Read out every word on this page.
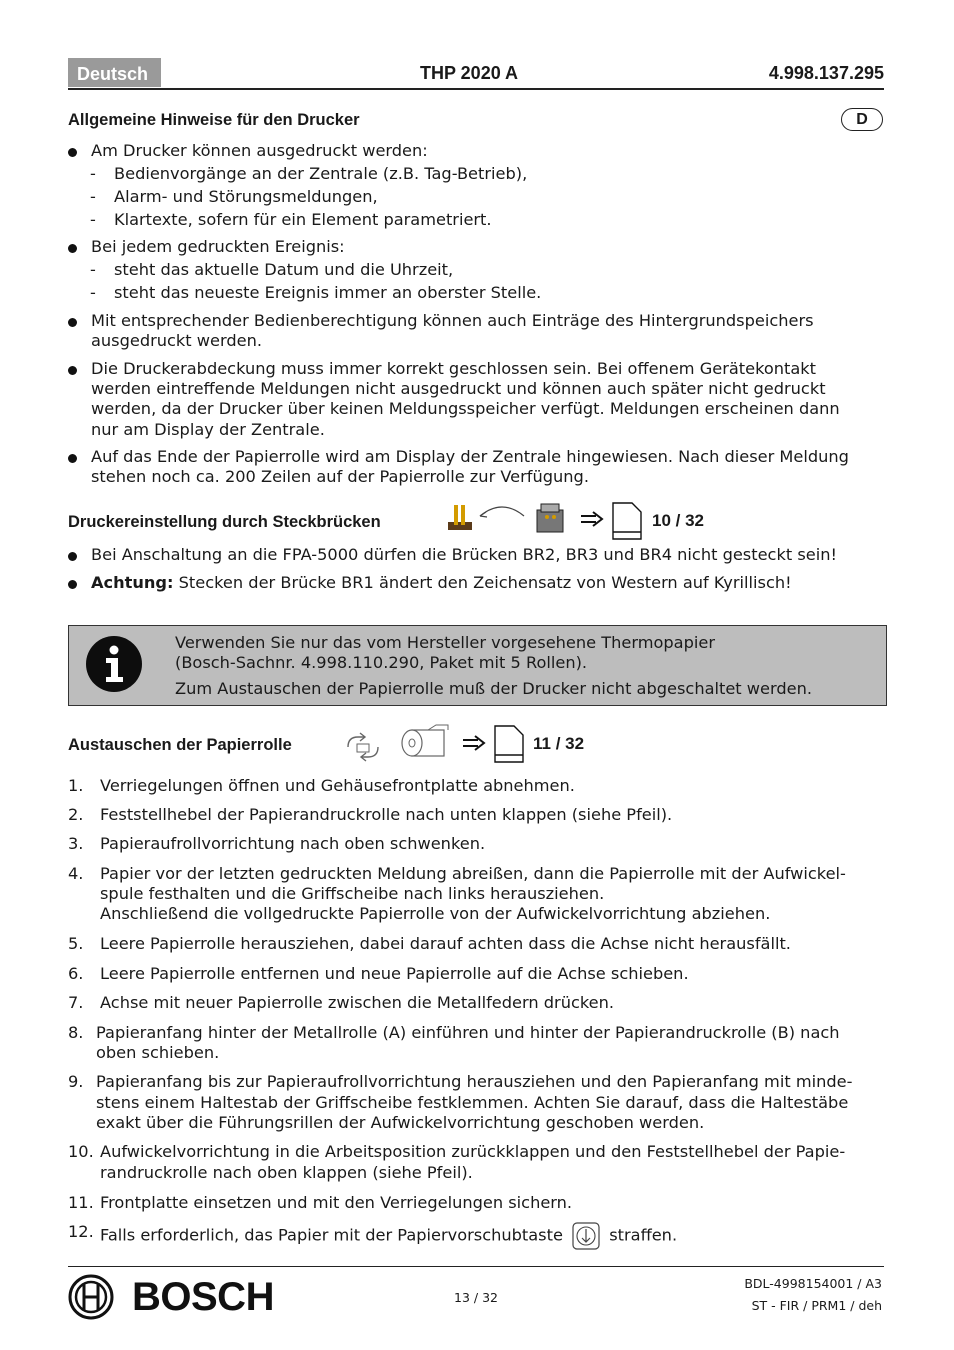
Deutsch	THP 2020 A	4.998.137.295
Allgemeine Hinweise für den Drucker	D
Am Drucker können ausgedruckt werden:
- Bedienvorgänge an der Zentrale (z.B. Tag-Betrieb),
- Alarm- und Störungsmeldungen,
- Klartexte, sofern für ein Element parametriert.
Bei jedem gedruckten Ereignis:
- steht das aktuelle Datum und die Uhrzeit,
- steht das neueste Ereignis immer an oberster Stelle.
Mit entsprechender Bedienberechtigung können auch Einträge des Hintergrundspeichers
ausgedruckt werden.
Die Druckerabdeckung muss immer korrekt geschlossen sein. Bei offenem Gerätekontakt
werden eintreffende Meldungen nicht ausgedruckt und können auch später nicht gedruckt
werden, da der Drucker über keinen Meldungsspeicher verfügt. Meldungen erscheinen dann
nur am Display der Zentrale.
Auf das Ende der Papierrolle wird am Display der Zentrale hingewiesen. Nach dieser Meldung
stehen noch ca. 200 Zeilen auf der Papierrolle zur Verfügung.
Druckereinstellung durch Steckbrücken	10 / 32
Bei Anschaltung an die FPA-5000 dürfen die Brücken BR2, BR3 und BR4 nicht gesteckt sein!
Achtung: Stecken der Brücke BR1 ändert den Zeichensatz von Western auf Kyrillisch!
Verwenden Sie nur das vom Hersteller vorgesehene Thermopapier
(Bosch-Sachnr. 4.998.110.290, Paket mit 5 Rollen).
Zum Austauschen der Papierrolle muß der Drucker nicht abgeschaltet werden.
Austauschen der Papierrolle	11 / 32
1. Verriegelungen öffnen und Gehäusefrontplatte abnehmen.
2. Feststellhebel der Papierandruckrolle nach unten klappen (siehe Pfeil).
3. Papieraufrollvorrichtung nach oben schwenken.
4. Papier vor der letzten gedruckten Meldung abreißen, dann die Papierrolle mit der Aufwickel-
spule festhalten und die Griffscheibe nach links herausziehen.
Anschließend die vollgedruckte Papierrolle von der Aufwickelvorrichtung abziehen.
5. Leere Papierrolle herausziehen, dabei darauf achten dass die Achse nicht herausfällt.
6. Leere Papierrolle entfernen und neue Papierrolle auf die Achse schieben.
7. Achse mit neuer Papierrolle zwischen die Metallfedern drücken.
8. Papieranfang hinter der Metallrolle (A) einführen und hinter der Papierandruckrolle (B) nach
oben schieben.
9. Papieranfang bis zur Papieraufrollvorrichtung herausziehen und den Papieranfang mit minde-
stens einem Haltestab der Griffscheibe festklemmen. Achten Sie darauf, dass die Haltestäbe
exakt über die Führungsrillen der Aufwickelvorrichtung geschoben werden.
10. Aufwickelvorrichtung in die Arbeitsposition zurückklappen und den Feststellhebel der Papie-
randruckrolle nach oben klappen (siehe Pfeil).
11. Frontplatte einsetzen und mit den Verriegelungen sichern.
12. Falls erforderlich, das Papier mit der Papiervorschubtaste	straffen.
BOSCH	13 / 32
BDL-4998154001 / A3
ST - FIR / PRM1 / deh
